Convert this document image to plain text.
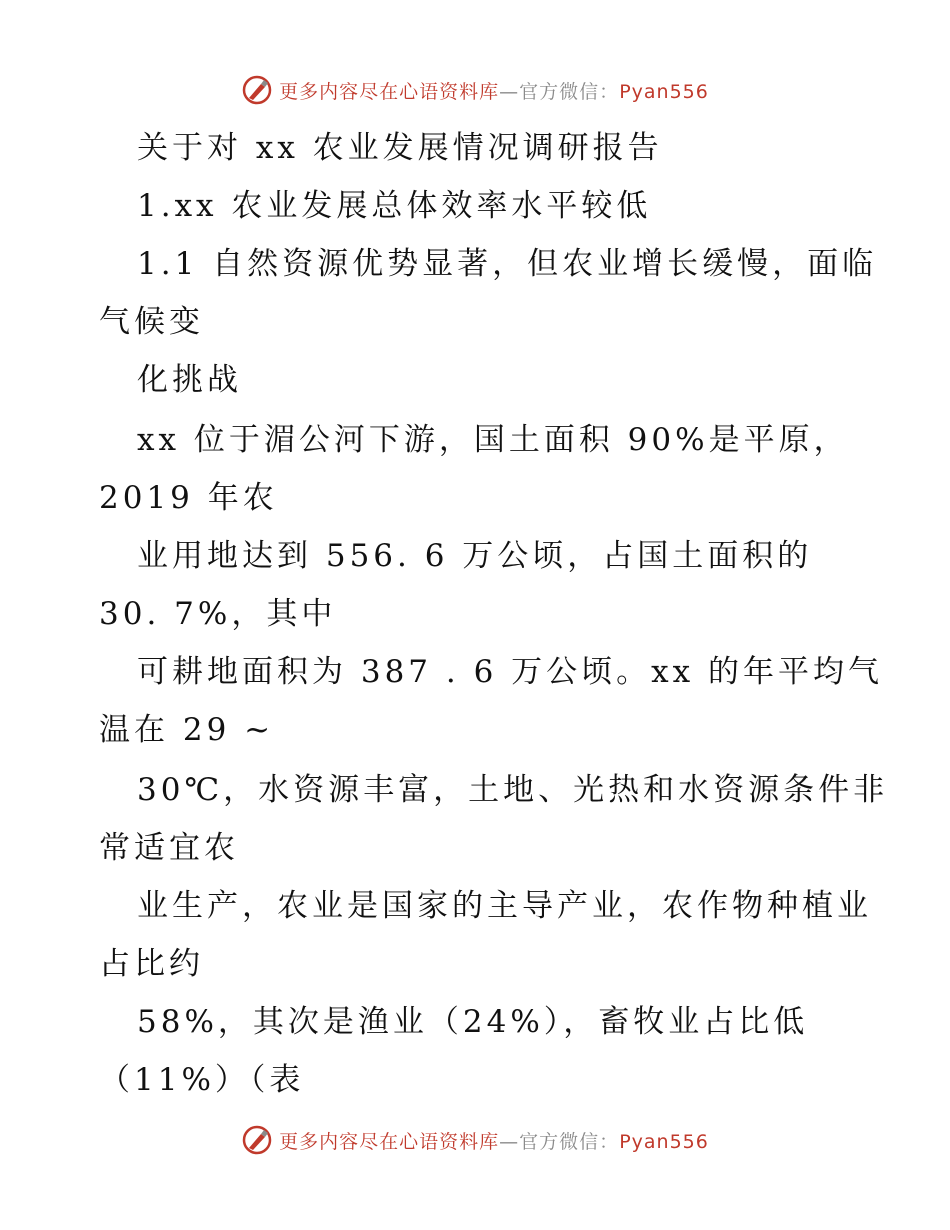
更多内容尽在心语资料库—官方微信：Pyan556
关于对 xx 农业发展情况调研报告
1.xx 农业发展总体效率水平较低
1.1 自然资源优势显著，但农业增长缓慢，面临
气候变
化挑战
xx 位于湄公河下游，国土面积 90%是平原，
2019 年农
业用地达到 556. 6 万公顷，占国土面积的
30. 7%，其中
可耕地面积为 387 . 6 万公顷。xx 的年平均气
温在 29 ~
30℃，水资源丰富，土地、光热和水资源条件非
常适宜农
业生产，农业是国家的主导产业，农作物种植业
占比约
58%，其次是渔业（24%），畜牧业占比低
（11%）（表
更多内容尽在心语资料库—官方微信：Pyan556
